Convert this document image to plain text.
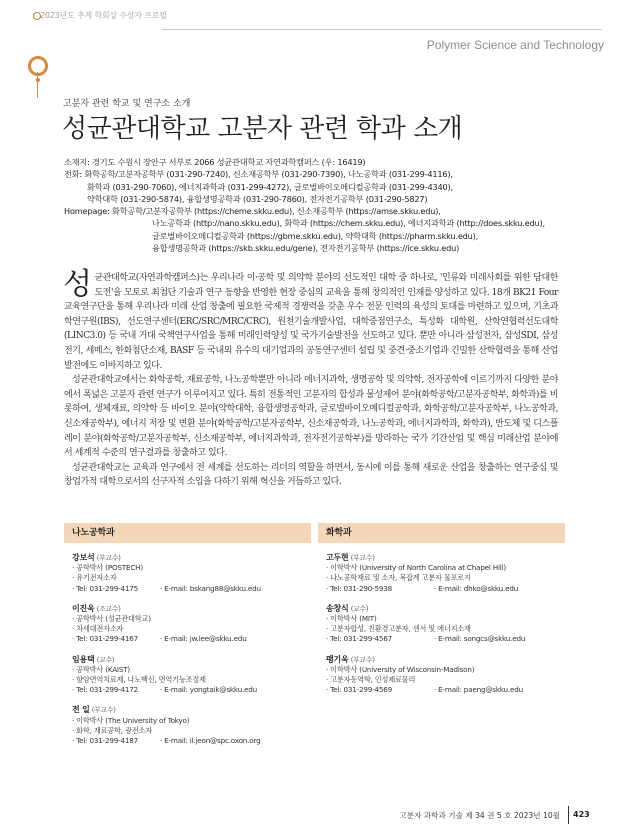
2023년도 추계 학회상 수상자 프로필
Polymer Science and Technology
고분자 관련 학교 및 연구소 소개
성균관대학교 고분자 관련 학과 소개
소재지: 경기도 수원시 장안구 서부로 2066 성균관대학교 자연과학캠퍼스 (우: 16419)
전화: 화학공학/고분자공학부 (031-290-7240), 신소재공학부 (031-290-7390), 나노공학과 (031-299-4116),
화학과 (031-290-7060), 에너지과학과 (031-299-4272), 글로벌바이오메디컬공학과 (031-299-4340),
약학대학 (031-290-5874), 융합생명공학과 (031-290-7860), 전자전기공학부 (031-290-5827)
Homepage: 화학공학/고분자공학부 (https://cheme.skku.edu), 신소재공학부 (https://amse.skku.edu),
나노공학과 (http://nano.skku.edu), 화학과 (https://chem.skku.edu), 에너지과학과 (http://does.skku.edu),
글로벌바이오메디컬공학과 (https://gbme.skku.edu), 약학대학 (https://pharm.skku.edu),
융합생명공학과 (https://skb.skku.edu/gene), 전자전기공학부 (https://ice.skku.edu)

성균관대학교(자연과학캠퍼스)는 우리나라 이·공학 및 의약학 분야의 선도적인 대학 중 하나로, '인류와 미래사회를 위한 담대한 도전'을 모토로 최첨단 기술과 연구 동향을 반영한 현장 중심의 교육을 통해 창의적인 인재를 양성하고 있다. 18개 BK21 Four 교육연구단을 통해 우리나라 미래 산업 창출에 필요한 국제적 경쟁력을 갖춘 우수 전문 인력의 육성의 토대를 마련하고 있으며, 기초과학연구원(IBS), 선도연구센터(ERC/SRC/MRC/CRC), 원천기술개발사업, 대학중점연구소, 특성화 대학원, 산학연협력선도대학(LINC3.0) 등 국내 거대 국책연구사업을 통해 미래인력양성 및 국가기술발전을 선도하고 있다. 뿐만 아니라 삼성전자, 삼성SDI, 삼성전기, 세메스, 한화첨단소재, BASF 등 국내외 유수의 대기업과의 공동연구센터 설립 및 중견·중소기업과 긴밀한 산학협력을 통해 산업발전에도 이바지하고 있다.

성균관대학교에서는 화학공학, 재료공학, 나노공학뿐만 아니라 에너지과학, 생명공학 및 의약학, 전자공학에 이르기까지 다양한 분야에서 폭넓은 고분자 관련 연구가 이루어지고 있다. 특히 전통적인 고분자의 합성과 물성제어 분야(화학공학/고분자공학부, 화학과)를 비롯하여, 생체재료, 의약학 등 바이오 분야(약학대학, 융합생명공학과, 글로벌바이오메디컬공학과, 화학공학/고분자공학부, 나노공학과, 신소재공학부), 에너지 저장 및 변환 분야(화학공학/고분자공학부, 신소재공학과, 나노공학과, 에너지과학과, 화학과), 반도체 및 디스플레이 분야(화학공학/고분자공학부, 신소재공학부, 에너지과학과, 전자전기공학부)를 망라하는 국가 기간산업 및 핵심 미래산업 분야에서 세계적 수준의 연구결과를 창출하고 있다.

성균관대학교는 교육과 연구에서 전 세계를 선도하는 리더의 역할을 하면서, 동시에 이를 통해 새로운 산업을 창출하는 연구중심 및 창업가적 대학으로서의 선구자적 소임을 다하기 위해 혁신을 거듭하고 있다.

나노공학과
강보석 (부교수)
· 공학박사 (POSTECH)
· 유기전자소자
· Tel: 031-299-4175	· E-mail: bskang88@skku.edu
이진욱 (조교수)
· 공학박사 (성균관대학교)
· 차세대전자소자
· Tel: 031-299-4167	· E-mail: jw.lee@skku.edu
임용택 (교수)
· 공학박사 (KAIST)
· 항암면역치료제, 나노백신, 면역기능조절제
· Tel: 031-299-4172	· E-mail: yongtaik@skku.edu
전 일 (부교수)
· 이학박사 (The University of Tokyo)
· 화학, 재료공학, 광전소자
· Tel: 031-299-4187	· E-mail: il.jeon@spc.oxon.org
화학과
고두현 (부교수)
· 이학박사 (University of North Carolina at Chapel Hill)
· 나노공학재료 및 소자, 복잡계 고분자 물포로지
· Tel: 031-290-5938	· E-mail: dhko@skku.edu
송창식 (교수)
· 이학박사 (MIT)
· 고분자합성, 친환경고분자, 센서 및 에너지소재
· Tel: 031-299-4567	· E-mail: songcs@skku.edu
팽기욱 (부교수)
· 이학박사 (University of Wisconsin-Madison)
· 고분자동역학, 인성제료물리
· Tel: 031-299-4569	· E-mail: paeng@skku.edu
고분자 과학과 기술 제 34 권 5 호 2023년 10월 423
